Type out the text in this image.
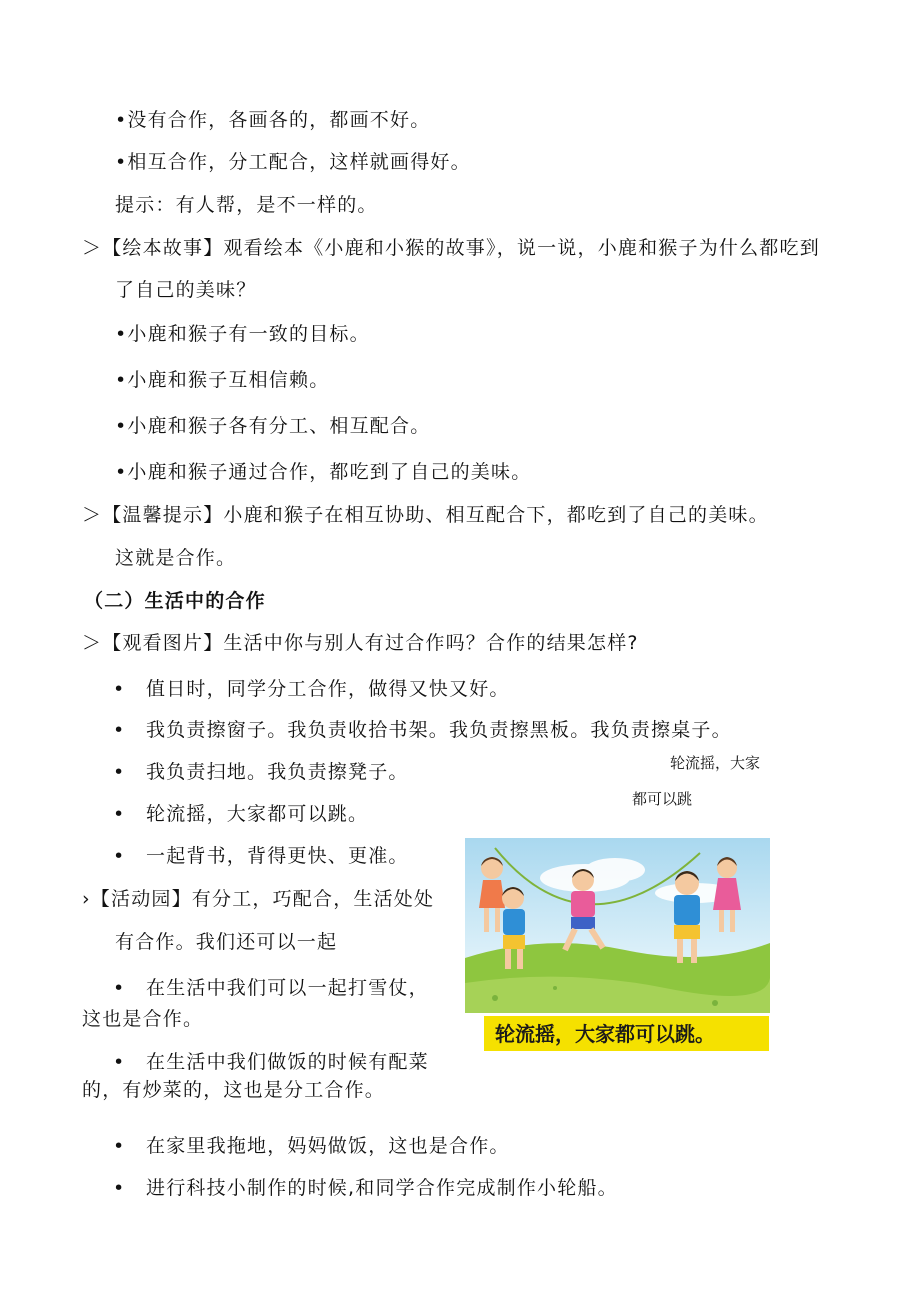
•没有合作，各画各的，都画不好。
•相互合作，分工配合，这样就画得好。
提示：有人帮，是不一样的。
＞【绘本故事】观看绘本《小鹿和小猴的故事》，说一说，小鹿和猴子为什么都吃到
了自己的美味？
•小鹿和猴子有一致的目标。
•小鹿和猴子互相信赖。
•小鹿和猴子各有分工、相互配合。
•小鹿和猴子通过合作，都吃到了自己的美味。
＞【温馨提示】小鹿和猴子在相互协助、相互配合下，都吃到了自己的美味。
这就是合作。
（二）生活中的合作
＞【观看图片】生活中你与别人有过合作吗？合作的结果怎样?
• 值日时，同学分工合作，做得又快又好。
• 我负责擦窗子。我负责收拾书架。我负责擦黑板。我负责擦桌子。
• 我负责扫地。我负责擦凳子。
• 轮流摇，大家都可以跳。
• 一起背书，背得更快、更准。
轮流摇，大家
都可以跳
›【活动园】有分工，巧配合，生活处处
有合作。我们还可以一起
• 在生活中我们可以一起打雪仗，
这也是合作。
• 在生活中我们做饭的时候有配菜
的，有炒菜的，这也是分工合作。
• 在家里我拖地，妈妈做饭，这也是合作。
• 进行科技小制作的时候,和同学合作完成制作小轮船。
轮流摇，大家都可以跳。
